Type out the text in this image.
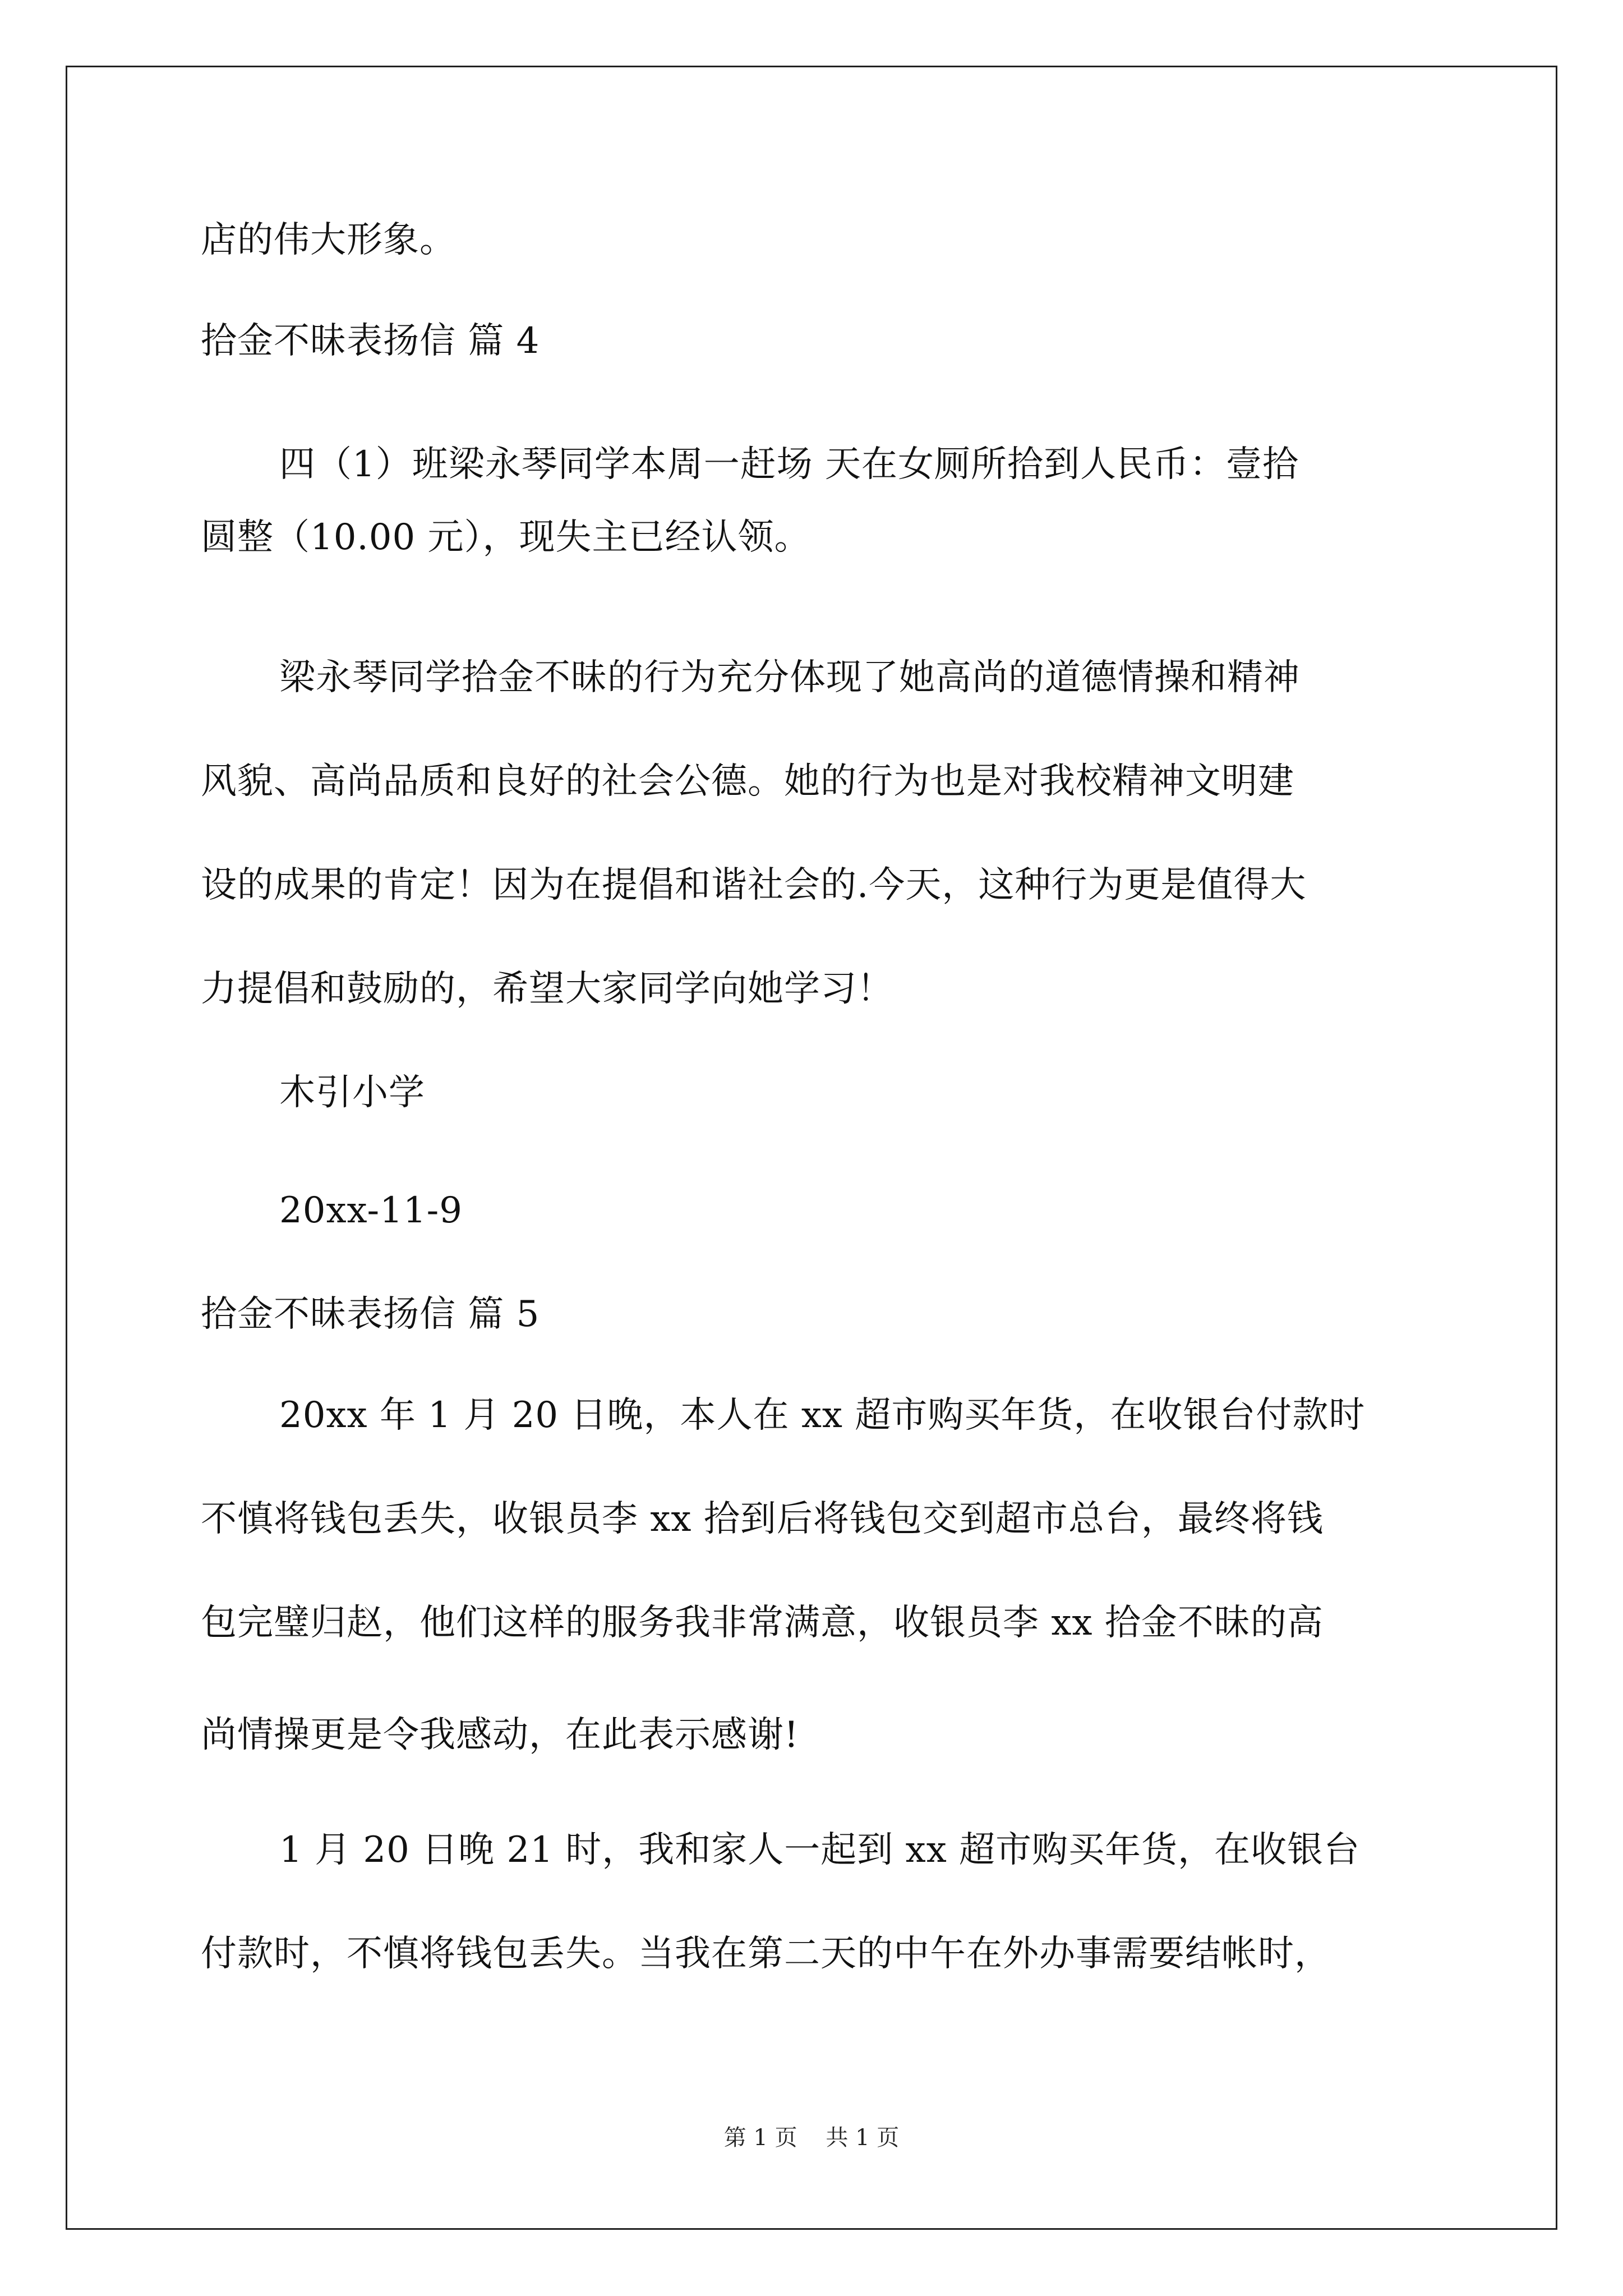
店的伟大形象。
拾金不昧表扬信 篇 4
四（1）班梁永琴同学本周一赶场 天在女厕所拾到人民币：壹拾
圆整（10.00 元），现失主已经认领。
梁永琴同学拾金不昧的行为充分体现了她高尚的道德情操和精神
风貌、高尚品质和良好的社会公德。她的行为也是对我校精神文明建
设的成果的肯定！因为在提倡和谐社会的.今天，这种行为更是值得大
力提倡和鼓励的，希望大家同学向她学习！
木引小学
20xx-11-9
拾金不昧表扬信 篇 5
20xx 年 1 月 20 日晚，本人在 xx 超市购买年货，在收银台付款时
不慎将钱包丢失，收银员李 xx 拾到后将钱包交到超市总台，最终将钱
包完璧归赵，他们这样的服务我非常满意，收银员李 xx 拾金不昧的高
尚情操更是令我感动，在此表示感谢!
1 月 20 日晚 21 时，我和家人一起到 xx 超市购买年货，在收银台
付款时，不慎将钱包丢失。当我在第二天的中午在外办事需要结帐时，
第 1 页    共 1 页
